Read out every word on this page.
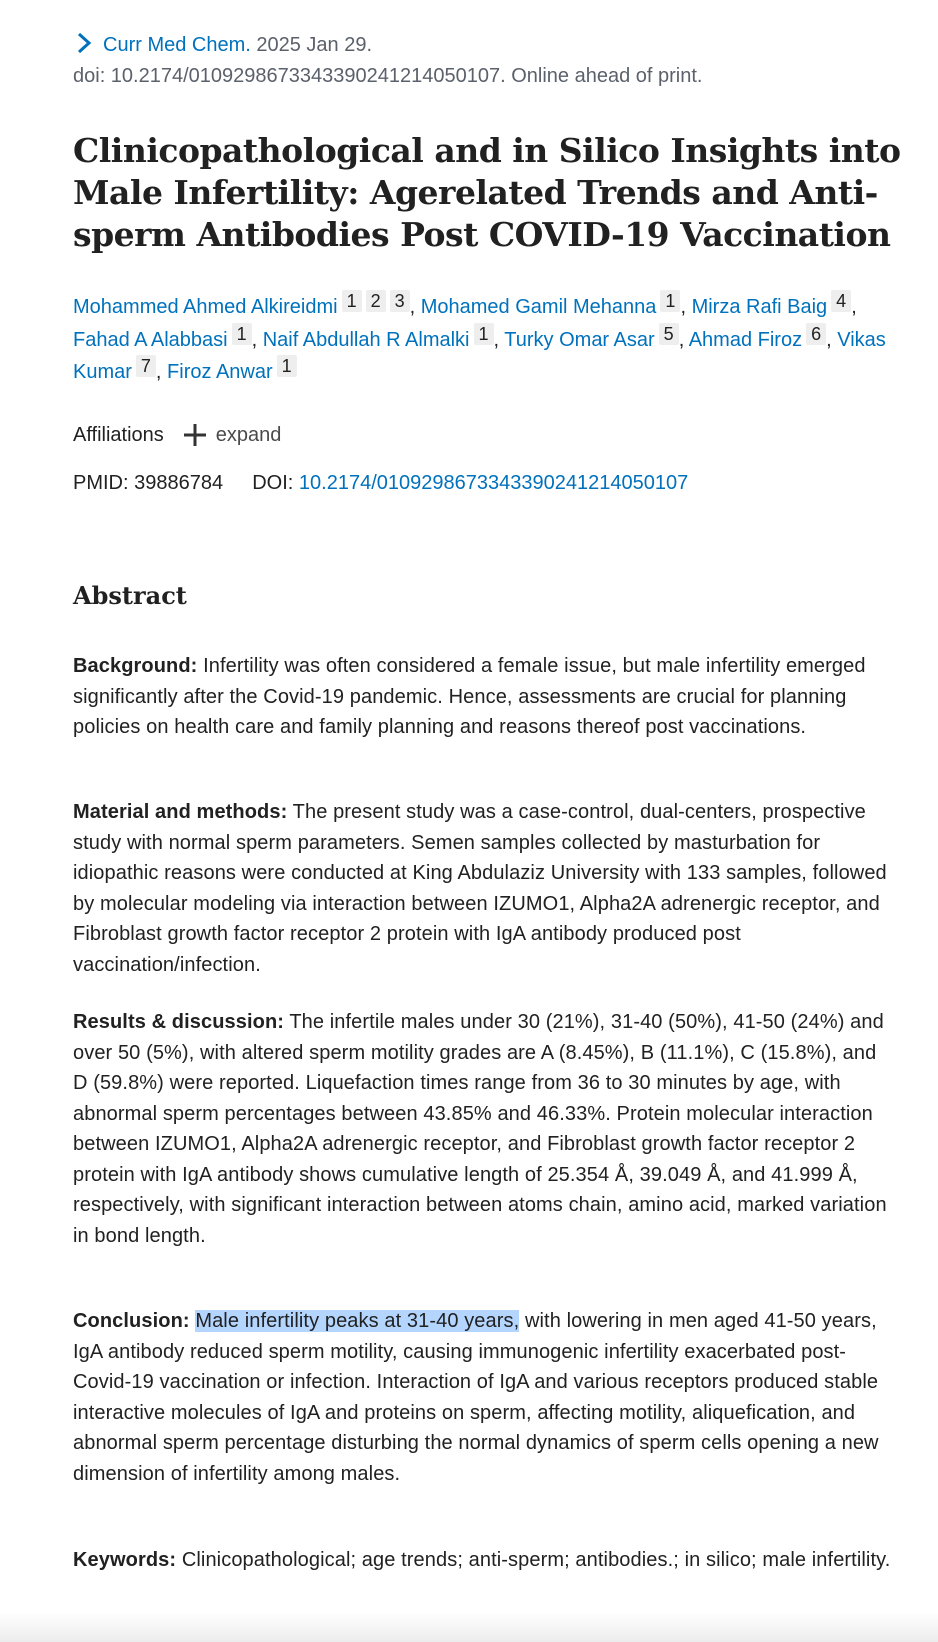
Curr Med Chem. 2025 Jan 29.
doi: 10.2174/0109298673343390241214050107. Online ahead of print.
Clinicopathological and in Silico Insights into Male Infertility: Agerelated Trends and Anti-sperm Antibodies Post COVID-19 Vaccination
Mohammed Ahmed Alkireidmi 1 2 3 , Mohamed Gamil Mehanna 1 , Mirza Rafi Baig 4 , Fahad A Alabbasi 1 , Naif Abdullah R Almalki 1 , Turky Omar Asar 5 , Ahmad Firoz 6 , Vikas Kumar 7 , Firoz Anwar 1
Affiliations	expand
PMID: 39886784 DOI: 10.2174/0109298673343390241214050107
Abstract

Background: Infertility was often considered a female issue, but male infertility emerged significantly after the Covid-19 pandemic. Hence, assessments are crucial for planning policies on health care and family planning and reasons thereof post vaccinations.

Material and methods: The present study was a case-control, dual-centers, prospective study with normal sperm parameters. Semen samples collected by masturbation for idiopathic reasons were conducted at King Abdulaziz University with 133 samples, followed by molecular modeling via interaction between IZUMO1, Alpha2A adrenergic receptor, and Fibroblast growth factor receptor 2 protein with IgA antibody produced post vaccination/infection.

Results & discussion: The infertile males under 30 (21%), 31-40 (50%), 41-50 (24%) and over 50 (5%), with altered sperm motility grades are A (8.45%), B (11.1%), C (15.8%), and D (59.8%) were reported. Liquefaction times range from 36 to 30 minutes by age, with abnormal sperm percentages between 43.85% and 46.33%. Protein molecular interaction between IZUMO1, Alpha2A adrenergic receptor, and Fibroblast growth factor receptor 2 protein with IgA antibody shows cumulative length of 25.354 Å, 39.049 Å, and 41.999 Å, respectively, with significant interaction between atoms chain, amino acid, marked variation in bond length.

Conclusion: Male infertility peaks at 31-40 years, with lowering in men aged 41-50 years, IgA antibody reduced sperm motility, causing immunogenic infertility exacerbated post-Covid-19 vaccination or infection. Interaction of IgA and various receptors produced stable interactive molecules of IgA and proteins on sperm, affecting motility, aliquefication, and abnormal sperm percentage disturbing the normal dynamics of sperm cells opening a new dimension of infertility among males.

Keywords: Clinicopathological; age trends; anti-sperm; antibodies.; in silico; male infertility.
